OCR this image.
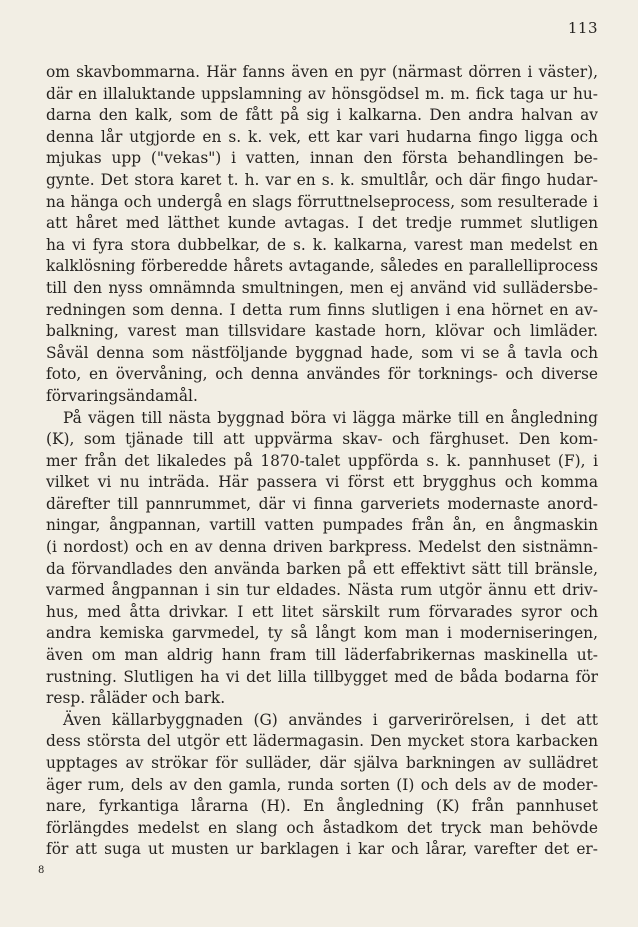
113
om skavbommarna. Här fanns även en pyr (närmast dörren i väster),
där en illaluktande uppslamning av hönsgödsel m. m. fick taga ur hu-
darna den kalk, som de fått på sig i kalkarna. Den andra halvan av
denna lår utgjorde en s. k. vek, ett kar vari hudarna fingo ligga och
mjukas upp ("vekas") i vatten, innan den första behandlingen be-
gynte. Det stora karet t. h. var en s. k. smultlår, och där fingo hudar-
na hänga och undergå en slags förruttnelseprocess, som resulterade i
att håret med lätthet kunde avtagas. I det tredje rummet slutligen
ha vi fyra stora dubbelkar, de s. k. kalkarna, varest man medelst en
kalklösning förberedde hårets avtagande, således en parallelliprocess
till den nyss omnämnda smultningen, men ej använd vid sullädersbe-
redningen som denna. I detta rum finns slutligen i ena hörnet en av-
balkning, varest man tillsvidare kastade horn, klövar och limläder.
Såväl denna som nästföljande byggnad hade, som vi se å tavla och
foto, en övervåning, och denna användes för torknings- och diverse
förvaringsändamål.
På vägen till nästa byggnad böra vi lägga märke till en ångledning
(K), som tjänade till att uppvärma skav- och färghuset. Den kom-
mer från det likaledes på 1870-talet uppförda s. k. pannhuset (F), i
vilket vi nu inträda. Här passera vi först ett brygghus och komma
därefter till pannrummet, där vi finna garveriets modernaste anord-
ningar, ångpannan, vartill vatten pumpades från ån, en ångmaskin
(i nordost) och en av denna driven barkpress. Medelst den sistnämn-
da förvandlades den använda barken på ett effektivt sätt till bränsle,
varmed ångpannan i sin tur eldades. Nästa rum utgör ännu ett driv-
hus, med åtta drivkar. I ett litet särskilt rum förvarades syror och
andra kemiska garvmedel, ty så långt kom man i moderniseringen,
även om man aldrig hann fram till läderfabrikernas maskinella ut-
rustning. Slutligen ha vi det lilla tillbygget med de båda bodarna för
resp. råläder och bark.
Även källarbyggnaden (G) användes i garverirörelsen, i det att
dess största del utgör ett lädermagasin. Den mycket stora karbacken
upptages av strökar för sulläder, där själva barkningen av sullädret
äger rum, dels av den gamla, runda sorten (I) och dels av de moder-
nare, fyrkantiga lårarna (H). En ångledning (K) från pannhuset
förlängdes medelst en slang och åstadkom det tryck man behövde
för att suga ut musten ur barklagen i kar och lårar, varefter det er-
8
